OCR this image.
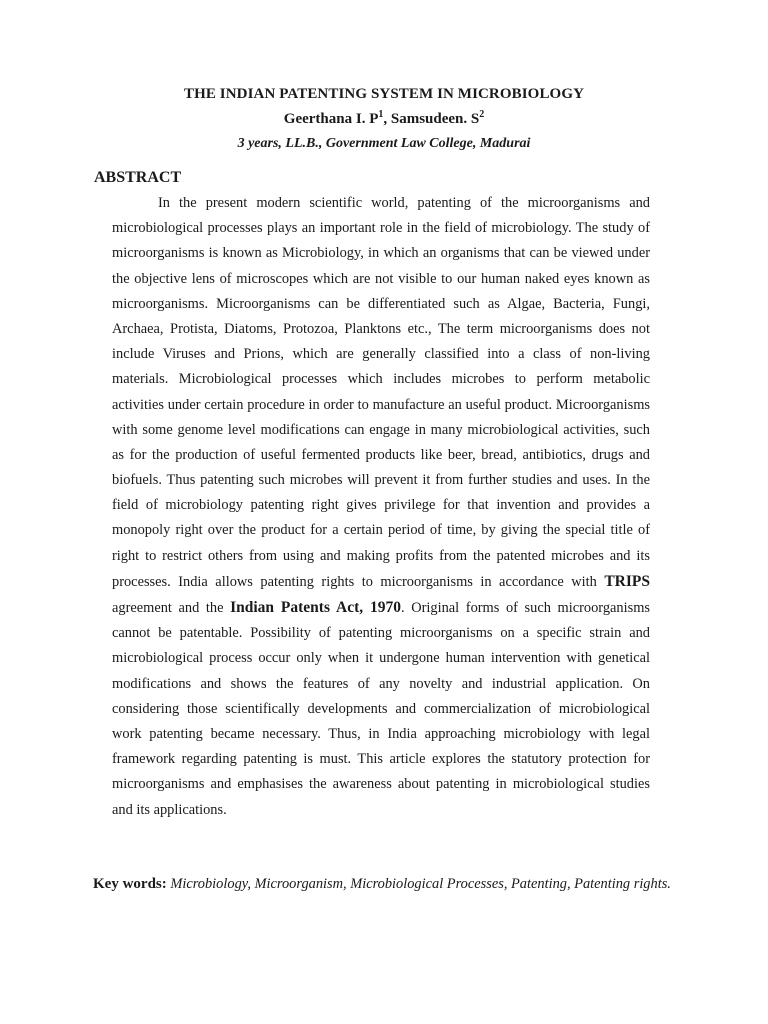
THE INDIAN PATENTING SYSTEM IN MICROBIOLOGY
Geerthana I. $P^1$, Samsudeen. $S^2$
3 years, LL.B., Government Law College, Madurai
ABSTRACT
In the present modern scientific world, patenting of the microorganisms and microbiological processes plays an important role in the field of microbiology. The study of microorganisms is known as Microbiology, in which an organisms that can be viewed under the objective lens of microscopes which are not visible to our human naked eyes known as microorganisms. Microorganisms can be differentiated such as Algae, Bacteria, Fungi, Archaea, Protista, Diatoms, Protozoa, Planktons etc., The term microorganisms does not include Viruses and Prions, which are generally classified into a class of non-living materials. Microbiological processes which includes microbes to perform metabolic activities under certain procedure in order to manufacture an useful product. Microorganisms with some genome level modifications can engage in many microbiological activities, such as for the production of useful fermented products like beer, bread, antibiotics, drugs and biofuels. Thus patenting such microbes will prevent it from further studies and uses. In the field of microbiology patenting right gives privilege for that invention and provides a monopoly right over the product for a certain period of time, by giving the special title of right to restrict others from using and making profits from the patented microbes and its processes. India allows patenting rights to microorganisms in accordance with TRIPS agreement and the Indian Patents Act, 1970. Original forms of such microorganisms cannot be patentable. Possibility of patenting microorganisms on a specific strain and microbiological process occur only when it undergone human intervention with genetical modifications and shows the features of any novelty and industrial application. On considering those scientifically developments and commercialization of microbiological work patenting became necessary. Thus, in India approaching microbiology with legal framework regarding patenting is must. This article explores the statutory protection for microorganisms and emphasises the awareness about patenting in microbiological studies and its applications.
Key words: Microbiology, Microorganism, Microbiological Processes, Patenting, Patenting rights.
